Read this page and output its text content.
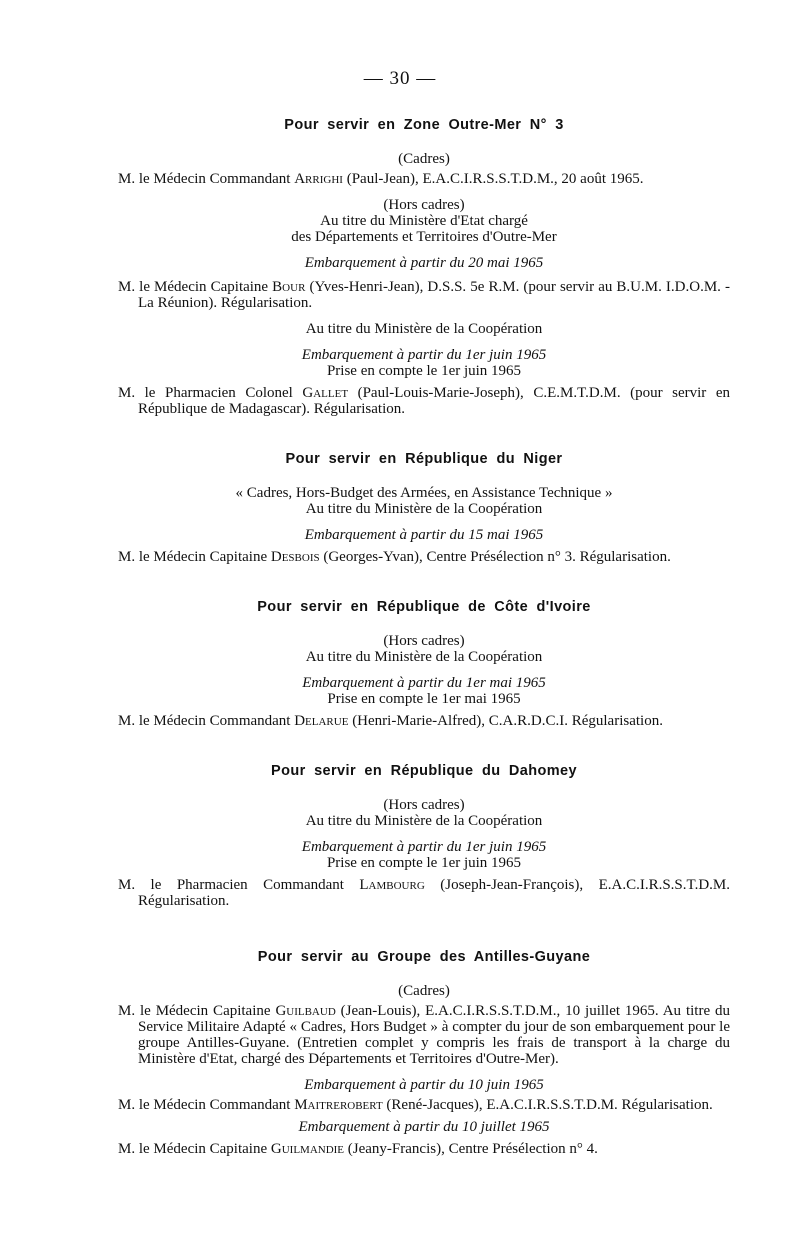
— 30 —

Pour servir en Zone Outre-Mer N° 3

(Cadres)

M. le Médecin Commandant Arrighi (Paul-Jean), E.A.C.I.R.S.S.T.D.M., 20 août 1965.

(Hors cadres)

Au titre du Ministère d'Etat chargé

des Départements et Territoires d'Outre-Mer

Embarquement à partir du 20 mai 1965

M. le Médecin Capitaine Bour (Yves-Henri-Jean), D.S.S. 5e R.M. (pour servir au B.U.M. I.D.O.M. - La Réunion). Régularisation.

Au titre du Ministère de la Coopération

Embarquement à partir du 1er juin 1965

Prise en compte le 1er juin 1965

M. le Pharmacien Colonel Gallet (Paul-Louis-Marie-Joseph), C.E.M.T.D.M. (pour servir en République de Madagascar). Régularisation.

Pour servir en République du Niger

« Cadres, Hors-Budget des Armées, en Assistance Technique »

Au titre du Ministère de la Coopération

Embarquement à partir du 15 mai 1965

M. le Médecin Capitaine Desbois (Georges-Yvan), Centre Présélection n° 3. Régularisation.

Pour servir en République de Côte d'Ivoire

(Hors cadres)

Au titre du Ministère de la Coopération

Embarquement à partir du 1er mai 1965

Prise en compte le 1er mai 1965

M. le Médecin Commandant Delarue (Henri-Marie-Alfred), C.A.R.D.C.I. Régularisation.

Pour servir en République du Dahomey

(Hors cadres)

Au titre du Ministère de la Coopération

Embarquement à partir du 1er juin 1965

Prise en compte le 1er juin 1965

M. le Pharmacien Commandant Lambourg (Joseph-Jean-François), E.A.C.I.R.S.S.T.D.M. Régularisation.

Pour servir au Groupe des Antilles-Guyane

(Cadres)

M. le Médecin Capitaine Guilbaud (Jean-Louis), E.A.C.I.R.S.S.T.D.M., 10 juillet 1965. Au titre du Service Militaire Adapté « Cadres, Hors Budget » à compter du jour de son embarquement pour le groupe Antilles-Guyane. (Entretien complet y compris les frais de transport à la charge du Ministère d'Etat, chargé des Départements et Territoires d'Outre-Mer).

Embarquement à partir du 10 juin 1965

M. le Médecin Commandant Maitrerobert (René-Jacques), E.A.C.I.R.S.S.T.D.M. Régularisation.

Embarquement à partir du 10 juillet 1965

M. le Médecin Capitaine Guilmandie (Jeany-Francis), Centre Présélection n° 4.
